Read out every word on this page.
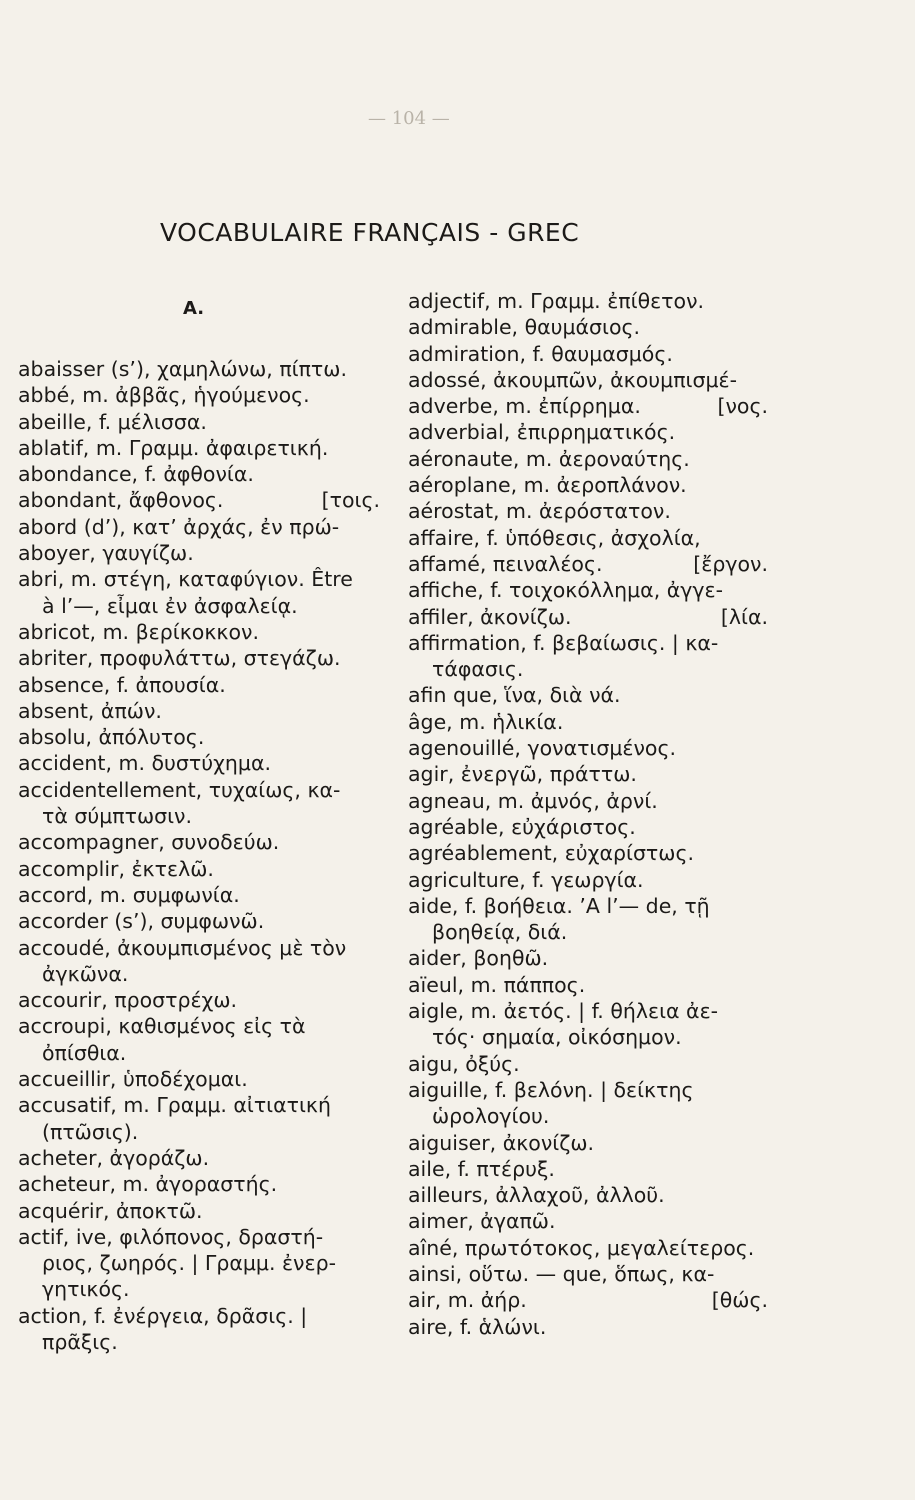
— 104 —
VOCABULAIRE FRANÇAIS - GREC
A.
abaisser (s’), χαμηλώνω, πίπτω.
abbé, m. ἀββᾶς, ἡγούμενος.
abeille, f. μέλισσα.
ablatif, m. Γραμμ. ἀφαιρετική.
abondance, f. ἀφθονία.
abondant, ἄφθονος.	[τοις.
abord (d’), κατ’ ἀρχάς, ἐν πρώ-
aboyer, γαυγίζω.
abri, m. στέγη, καταφύγιον. Être
à l’—, εἶμαι ἐν ἀσφαλείᾳ.
abricot, m. βερίκοκκον.
abriter, προφυλάττω, στεγάζω.
absence, f. ἀπουσία.
absent, ἀπών.
absolu, ἀπόλυτος.
accident, m. δυστύχημα.
accidentellement, τυχαίως, κα-
τὰ σύμπτωσιν.
accompagner, συνοδεύω.
accomplir, ἐκτελῶ.
accord, m. συμφωνία.
accorder (s’), συμφωνῶ.
accoudé, ἀκουμπισμένος μὲ τὸν
ἀγκῶνα.
accourir, προστρέχω.
accroupi, καθισμένος εἰς τὰ
ὀπίσθια.
accueillir, ὑποδέχομαι.
accusatif, m. Γραμμ. αἰτιατική
(πτῶσις).
acheter, ἀγοράζω.
acheteur, m. ἀγοραστής.
acquérir, ἀποκτῶ.
actif, ive, φιλόπονος, δραστή-
ριος, ζωηρός. | Γραμμ. ἐνερ-
γητικός.
action, f. ἐνέργεια, δρᾶσις. |
πρᾶξις.
adjectif, m. Γραμμ. ἐπίθετον.
admirable, θαυμάσιος.
admiration, f. θαυμασμός.
adossé, ἀκουμπῶν, ἀκουμπισμέ-
adverbe, m. ἐπίρρημα.	[νος.
adverbial, ἐπιρρηματικός.
aéronaute, m. ἀεροναύτης.
aéroplane, m. ἀεροπλάνον.
aérostat, m. ἀερόστατον.
affaire, f. ὑπόθεσις, ἀσχολία,
affamé, πειναλέος.	[ἔργον.
affiche, f. τοιχοκόλλημα, ἀγγε-
affiler, ἀκονίζω.	[λία.
affirmation, f. βεβαίωσις. | κα-
τάφασις.
afin que, ἵνα, διὰ νά.
âge, m. ἡλικία.
agenouillé, γονατισμένος.
agir, ἐνεργῶ, πράττω.
agneau, m. ἀμνός, ἀρνί.
agréable, εὐχάριστος.
agréablement, εὐχαρίστως.
agriculture, f. γεωργία.
aide, f. βοήθεια. ’A l’— de, τῇ
βοηθείᾳ, διά.
aider, βοηθῶ.
aïeul, m. πάππος.
aigle, m. ἀετός. | f. θήλεια ἀε-
τός· σημαία, οἰκόσημον.
aigu, ὀξύς.
aiguille, f. βελόνη. | δείκτης
ὡρολογίου.
aiguiser, ἀκονίζω.
aile, f. πτέρυξ.
ailleurs, ἀλλαχοῦ, ἀλλοῦ.
aimer, ἀγαπῶ.
aîné, πρωτότοκος, μεγαλείτερος.
ainsi, οὕτω. — que, ὅπως, κα-
air, m. ἀήρ.	[θώς.
aire, f. ἁλώνι.
